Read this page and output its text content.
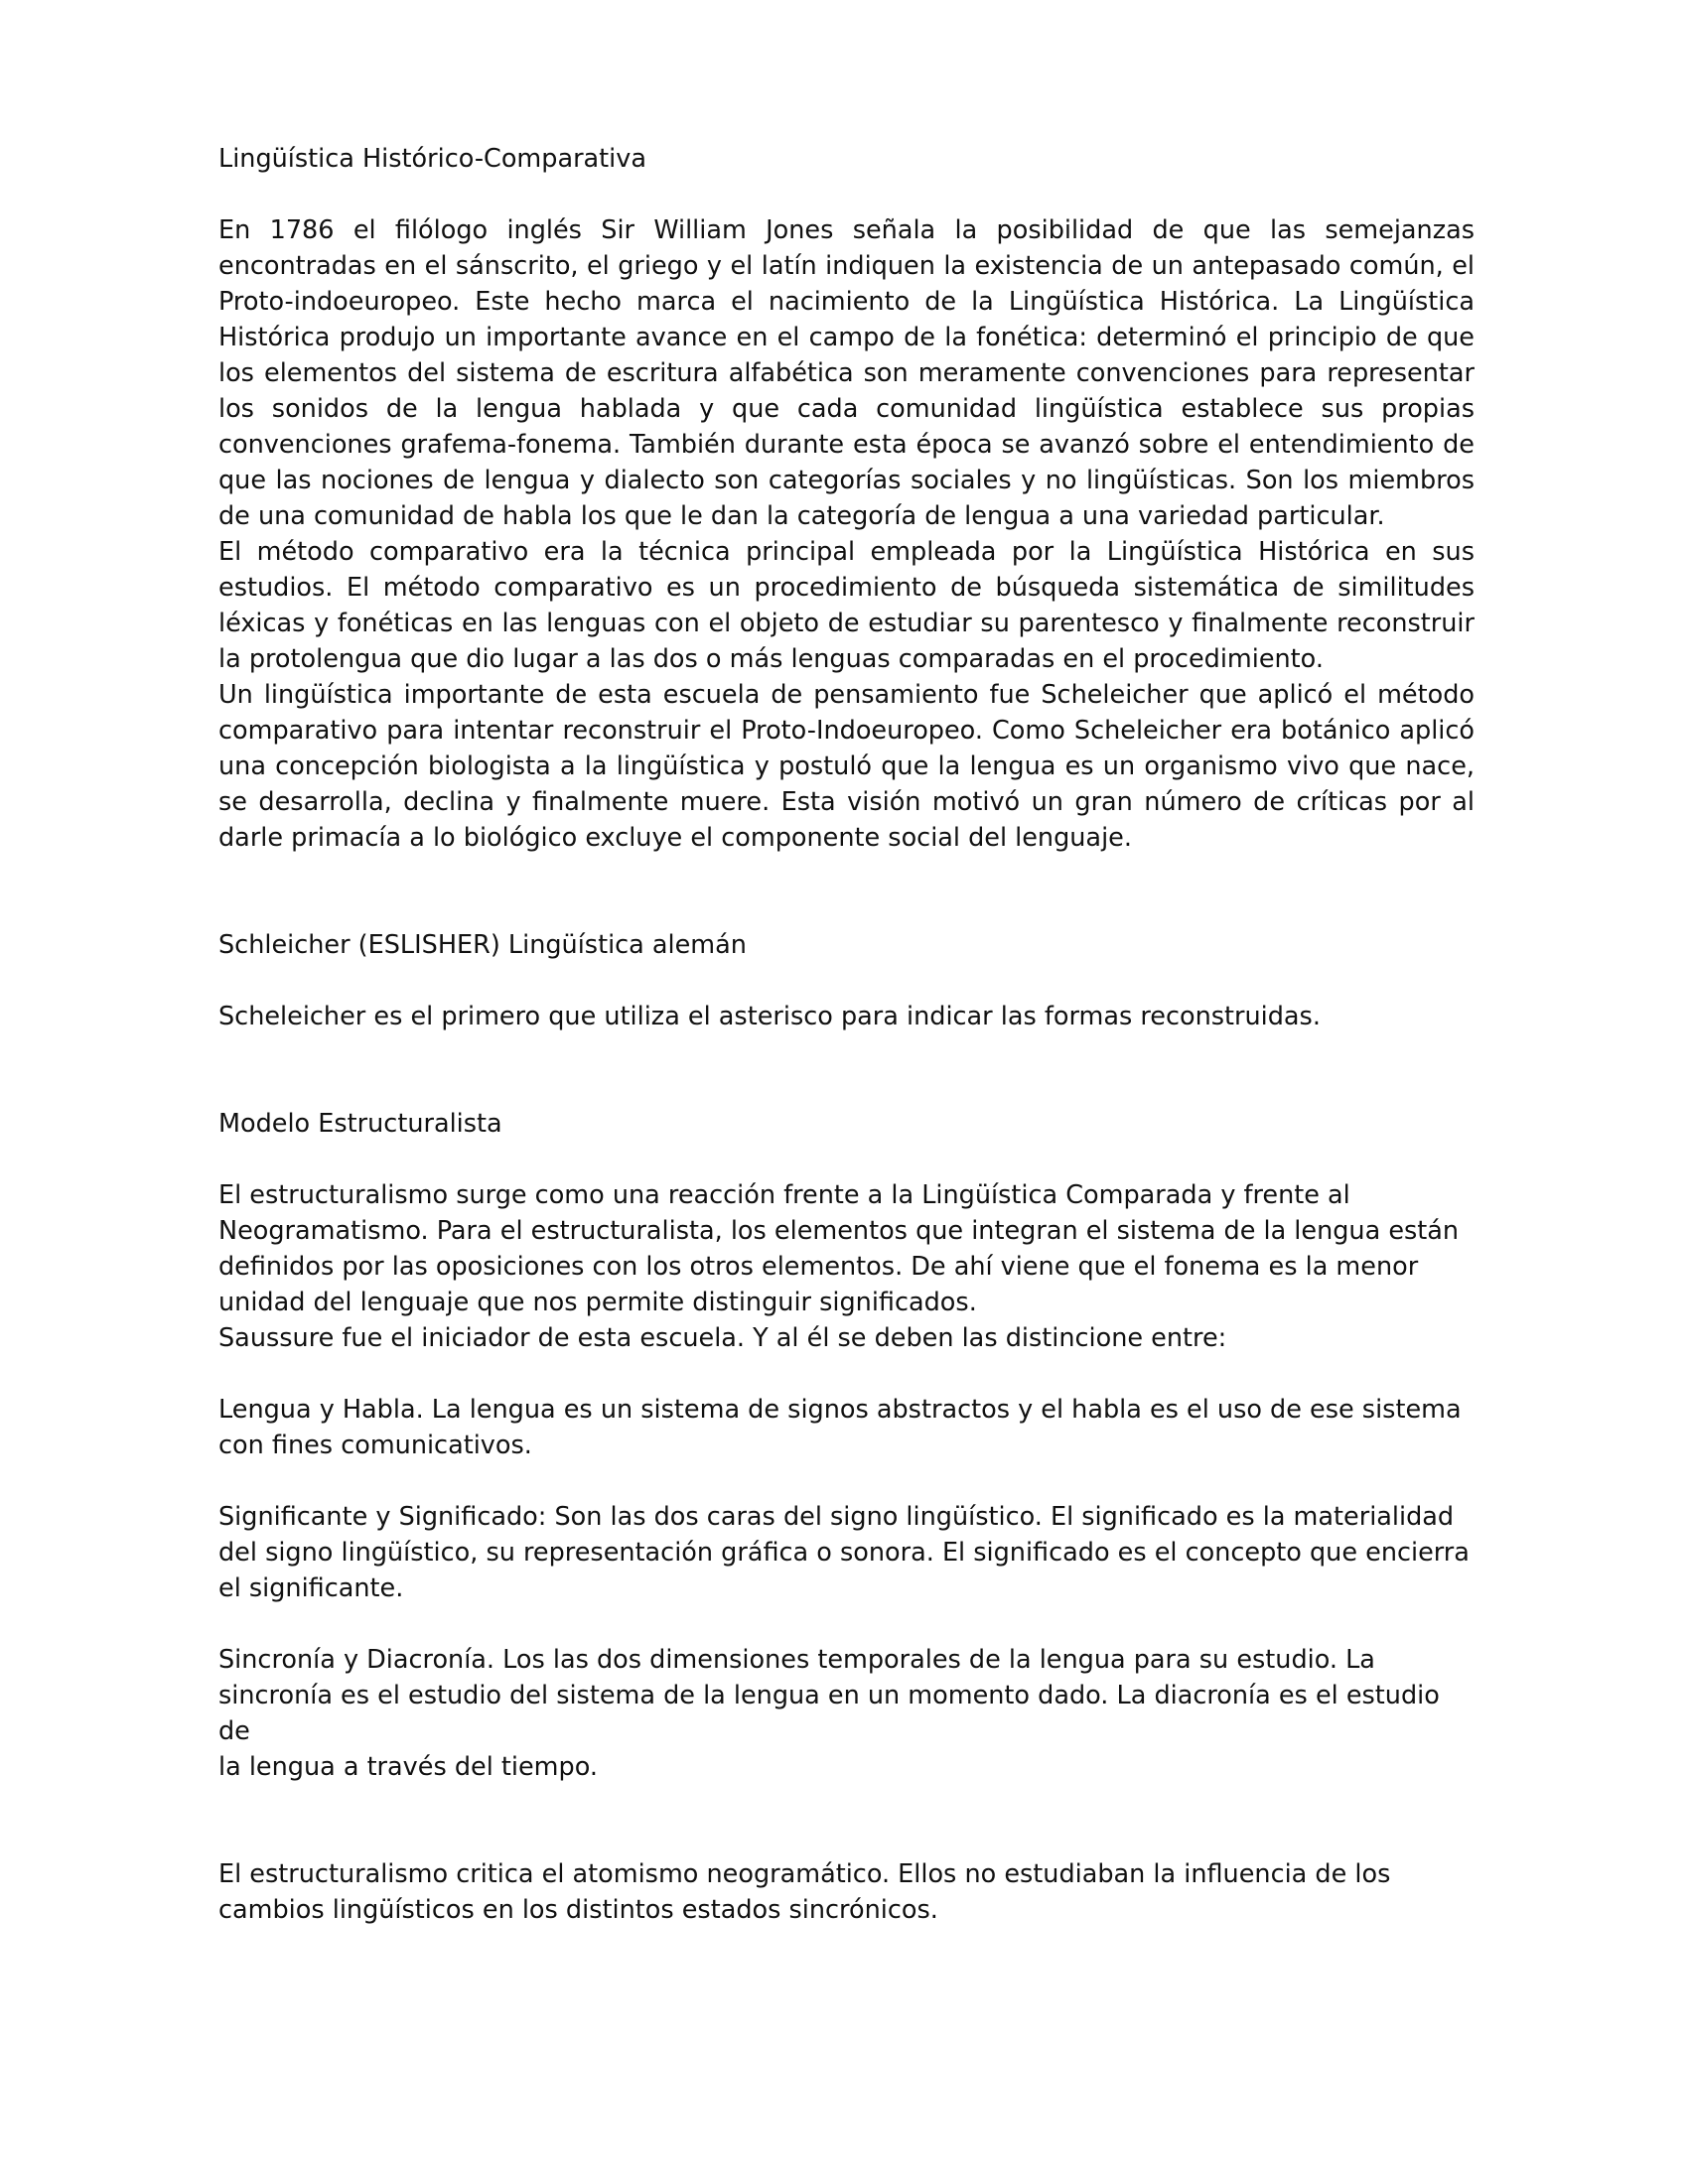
Lingüística Histórico-Comparativa

En 1786 el filólogo inglés Sir William Jones señala la posibilidad de que las semejanzas encontradas en el sánscrito, el griego y el latín indiquen la existencia de un antepasado común, el Proto-indoeuropeo. Este hecho marca el nacimiento de la Lingüística Histórica. La Lingüística Histórica produjo un importante avance en el campo de la fonética: determinó el principio de que los elementos del sistema de escritura alfabética son meramente convenciones para representar los sonidos de la lengua hablada y que cada comunidad lingüística establece sus propias convenciones grafema-fonema. También durante esta época se avanzó sobre el entendimiento de que las nociones de lengua y dialecto son categorías sociales y no lingüísticas. Son los miembros de una comunidad de habla los que le dan la categoría de lengua a una variedad particular.

El método comparativo era la técnica principal empleada por la Lingüística Histórica en sus estudios. El método comparativo es un procedimiento de búsqueda sistemática de similitudes léxicas y fonéticas en las lenguas con el objeto de estudiar su parentesco y finalmente reconstruir la protolengua que dio lugar a las dos o más lenguas comparadas en el procedimiento.

Un lingüística importante de esta escuela de pensamiento fue Scheleicher que aplicó el método comparativo para intentar reconstruir el Proto-Indoeuropeo. Como Scheleicher era botánico aplicó una concepción biologista a la lingüística y postuló que la lengua es un organismo vivo que nace, se desarrolla, declina y finalmente muere. Esta visión motivó un gran número de críticas por al darle primacía a lo biológico excluye el componente social del lenguaje.

Schleicher (ESLISHER) Lingüística alemán

Scheleicher es el primero que utiliza el asterisco para indicar las formas reconstruidas.

Modelo Estructuralista

El estructuralismo surge como una reacción frente a la Lingüística Comparada y frente al

Neogramatismo. Para el estructuralista, los elementos que integran el sistema de la lengua están

definidos por las oposiciones con los otros elementos. De ahí viene que el fonema es la menor

unidad del lenguaje que nos permite distinguir significados.

Saussure fue el iniciador de esta escuela. Y al él se deben las distincione entre:

Lengua y Habla. La lengua es un sistema de signos abstractos y el habla es el uso de ese sistema

con fines comunicativos.

Significante y Significado: Son las dos caras del signo lingüístico. El significado es la materialidad

del signo lingüístico, su representación gráfica o sonora. El significado es el concepto que encierra

el significante.

Sincronía y Diacronía. Los las dos dimensiones temporales de la lengua para su estudio. La

sincronía es el estudio del sistema de la lengua en un momento dado. La diacronía es el estudio de

la lengua a través del tiempo.

El estructuralismo critica el atomismo neogramático. Ellos no estudiaban la influencia de los

cambios lingüísticos en los distintos estados sincrónicos.
